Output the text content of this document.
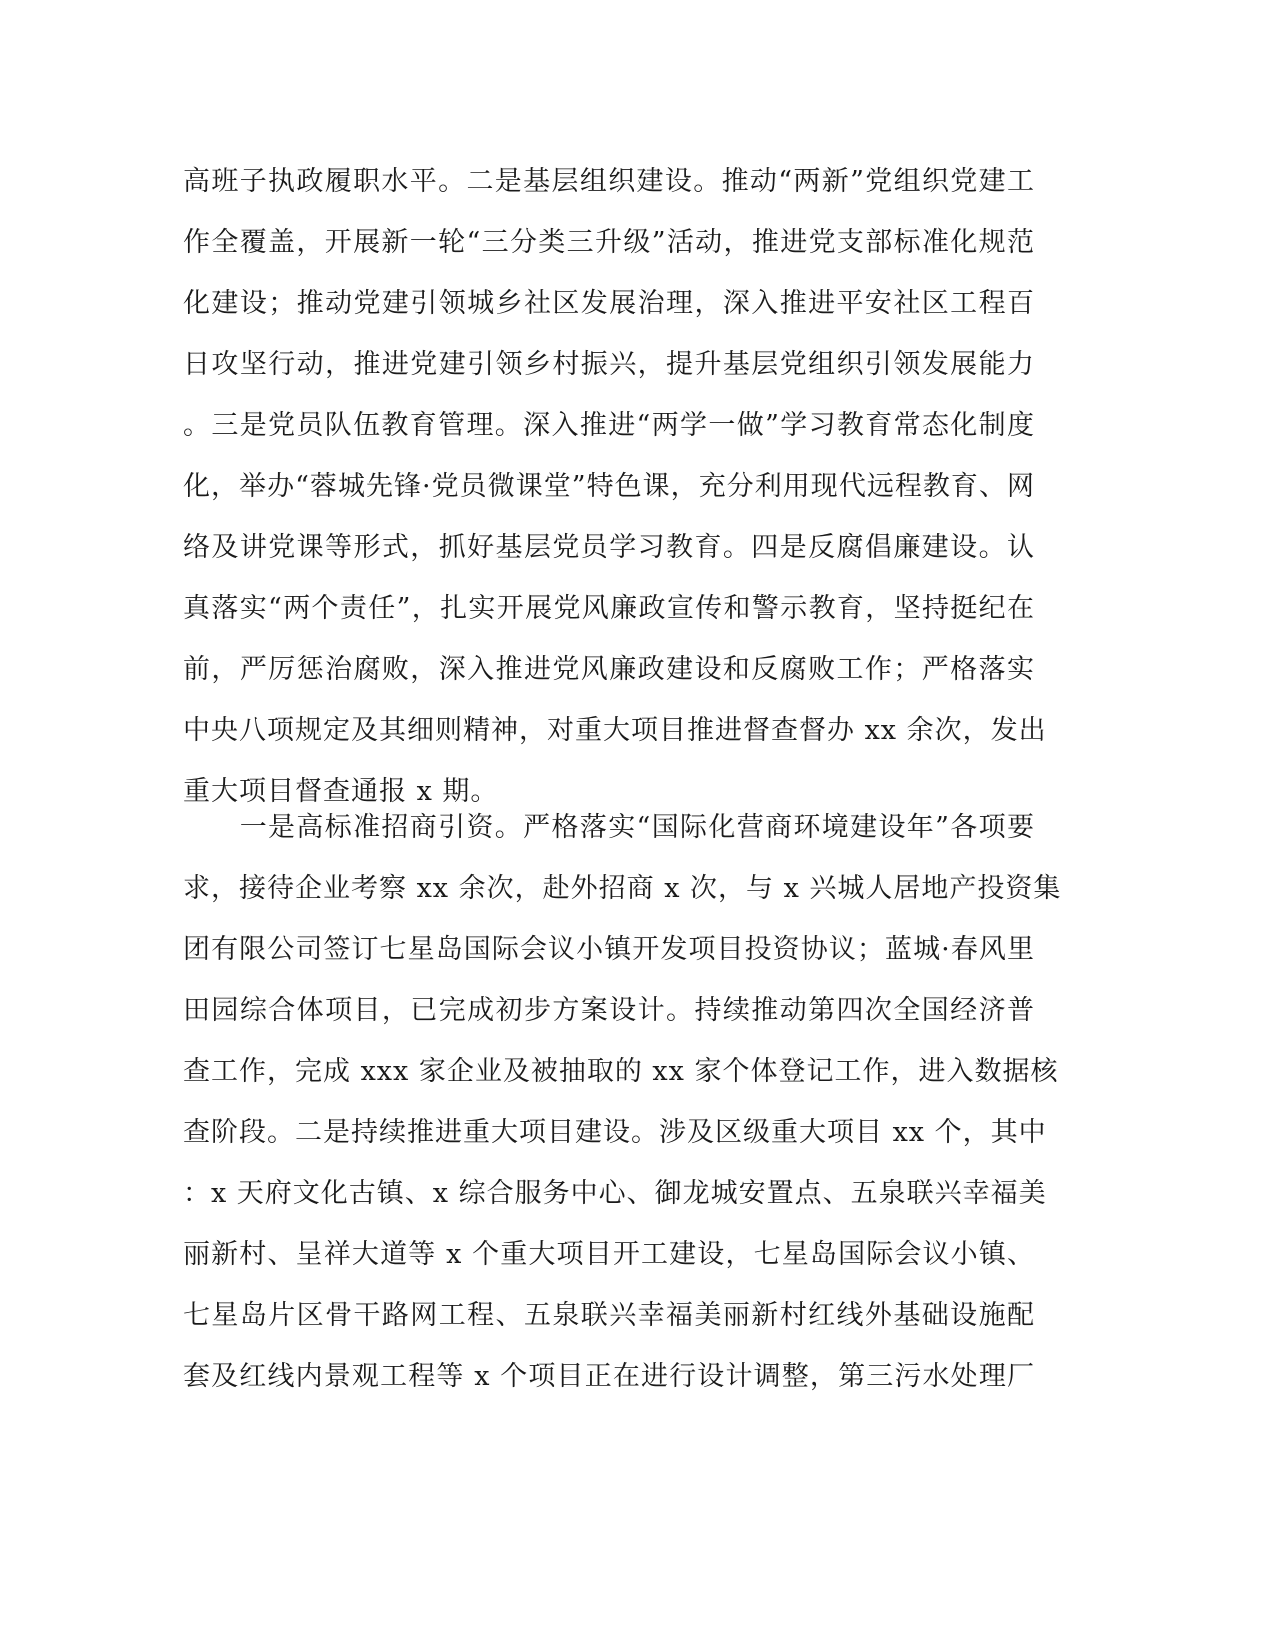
高班子执政履职水平。二是基层组织建设。推动“两新”党组织党建工
作全覆盖，开展新一轮“三分类三升级”活动，推进党支部标准化规范
化建设；推动党建引领城乡社区发展治理，深入推进平安社区工程百
日攻坚行动，推进党建引领乡村振兴，提升基层党组织引领发展能力
。三是党员队伍教育管理。深入推进“两学一做”学习教育常态化制度
化，举办“蓉城先锋·党员微课堂”特色课，充分利用现代远程教育、网
络及讲党课等形式，抓好基层党员学习教育。四是反腐倡廉建设。认
真落实“两个责任”，扎实开展党风廉政宣传和警示教育，坚持挺纪在
前，严厉惩治腐败，深入推进党风廉政建设和反腐败工作；严格落实
中央八项规定及其细则精神，对重大项目推进督查督办 xx 余次，发出
重大项目督查通报 x 期。
　　一是高标准招商引资。严格落实“国际化营商环境建设年”各项要
求，接待企业考察 xx 余次，赴外招商 x 次，与 x 兴城人居地产投资集
团有限公司签订七星岛国际会议小镇开发项目投资协议；蓝城·春风里
田园综合体项目，已完成初步方案设计。持续推动第四次全国经济普
查工作，完成 xxx 家企业及被抽取的 xx 家个体登记工作，进入数据核
查阶段。二是持续推进重大项目建设。涉及区级重大项目 xx 个，其中
：x 天府文化古镇、x 综合服务中心、御龙城安置点、五泉联兴幸福美
丽新村、呈祥大道等 x 个重大项目开工建设，七星岛国际会议小镇、
七星岛片区骨干路网工程、五泉联兴幸福美丽新村红线外基础设施配
套及红线内景观工程等 x 个项目正在进行设计调整，第三污水处理厂
